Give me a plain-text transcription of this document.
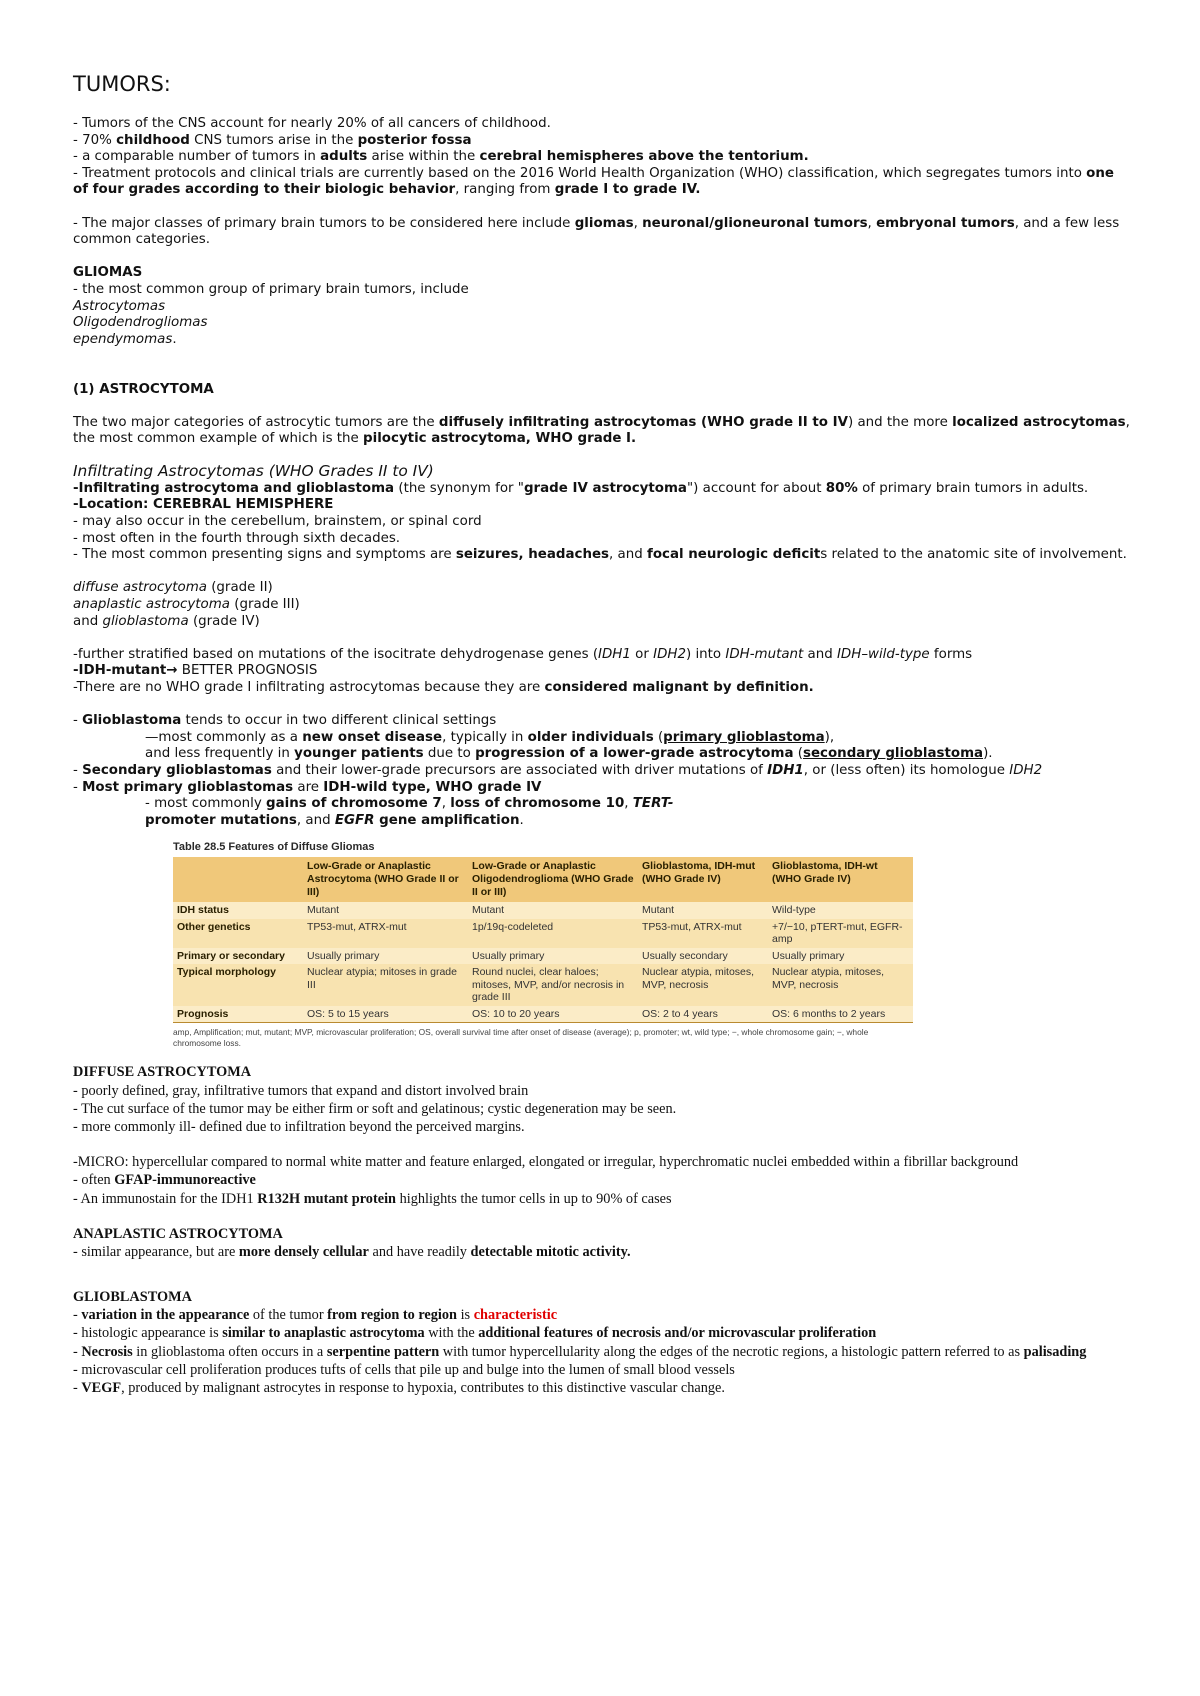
TUMORS:

- Tumors of the CNS account for nearly 20% of all cancers of childhood.

- 70% childhood CNS tumors arise in the posterior fossa

- a comparable number of tumors in adults arise within the cerebral hemispheres above the tentorium.

- Treatment protocols and clinical trials are currently based on the 2016 World Health Organization (WHO) classification, which segregates tumors into one of four grades according to their biologic behavior, ranging from grade I to grade IV.

- The major classes of primary brain tumors to be considered here include gliomas, neuronal/glioneuronal tumors, embryonal tumors, and a few less common categories.

GLIOMAS

- the most common group of primary brain tumors, include

Astrocytomas

Oligodendrogliomas

ependymomas.

(1) ASTROCYTOMA

The two major categories of astrocytic tumors are the diffusely infiltrating astrocytomas (WHO grade II to IV) and the more localized astrocytomas, the most common example of which is the pilocytic astrocytoma, WHO grade I.

Infiltrating Astrocytomas (WHO Grades II to IV)

-Infiltrating astrocytoma and glioblastoma (the synonym for "grade IV astrocytoma") account for about 80% of primary brain tumors in adults.

-Location: CEREBRAL HEMISPHERE

- may also occur in the cerebellum, brainstem, or spinal cord

- most often in the fourth through sixth decades.

- The most common presenting signs and symptoms are seizures, headaches, and focal neurologic deficits related to the anatomic site of involvement.

diffuse astrocytoma (grade II)

anaplastic astrocytoma (grade III)

and glioblastoma (grade IV)

-further stratified based on mutations of the isocitrate dehydrogenase genes (IDH1 or IDH2) into IDH-mutant and IDH–wild-type forms

-IDH-mutant→ BETTER PROGNOSIS

-There are no WHO grade I infiltrating astrocytomas because they are considered malignant by definition.

- Glioblastoma tends to occur in two different clinical settings

—most commonly as a new onset disease, typically in older individuals (primary glioblastoma),

and less frequently in younger patients due to progression of a lower-grade astrocytoma (secondary glioblastoma).

- Secondary glioblastomas and their lower-grade precursors are associated with driver mutations of IDH1, or (less often) its homologue IDH2

- Most primary glioblastomas are IDH-wild type, WHO grade IV

- most commonly gains of chromosome 7, loss of chromosome 10, TERT-

promoter mutations, and EGFR gene amplification.

Table 28.5 Features of Diffuse Gliomas
	Low-Grade or Anaplastic Astrocytoma (WHO Grade II or III)	Low-Grade or Anaplastic Oligodendroglioma (WHO Grade II or III)	Glioblastoma, IDH-mut (WHO Grade IV)	Glioblastoma, IDH-wt (WHO Grade IV)
IDH status	Mutant	Mutant	Mutant	Wild-type
Other genetics	TP53-mut, ATRX-mut	1p/19q-codeleted	TP53-mut, ATRX-mut	+7/−10, pTERT-mut, EGFR-amp
Primary or secondary	Usually primary	Usually primary	Usually secondary	Usually primary
Typical morphology	Nuclear atypia; mitoses in grade III	Round nuclei, clear haloes; mitoses, MVP, and/or necrosis in grade III	Nuclear atypia, mitoses, MVP, necrosis	Nuclear atypia, mitoses, MVP, necrosis
Prognosis	OS: 5 to 15 years	OS: 10 to 20 years	OS: 2 to 4 years	OS: 6 months to 2 years
amp, Amplification; mut, mutant; MVP, microvascular proliferation; OS, overall survival time after onset of disease (average); p, promoter; wt, wild type; −, whole chromosome gain; −, whole chromosome loss.

DIFFUSE ASTROCYTOMA

- poorly defined, gray, infiltrative tumors that expand and distort involved brain

- The cut surface of the tumor may be either firm or soft and gelatinous; cystic degeneration may be seen.

- more commonly ill- defined due to infiltration beyond the perceived margins.

-MICRO: hypercellular compared to normal white matter and feature enlarged, elongated or irregular, hyperchromatic nuclei embedded within a fibrillar background

- often GFAP-immunoreactive

- An immunostain for the IDH1 R132H mutant protein highlights the tumor cells in up to 90% of cases

ANAPLASTIC ASTROCYTOMA

- similar appearance, but are more densely cellular and have readily detectable mitotic activity.

GLIOBLASTOMA

- variation in the appearance of the tumor from region to region is characteristic

- histologic appearance is similar to anaplastic astrocytoma with the additional features of necrosis and/or microvascular proliferation

- Necrosis in glioblastoma often occurs in a serpentine pattern with tumor hypercellularity along the edges of the necrotic regions, a histologic pattern referred to as palisading

- microvascular cell proliferation produces tufts of cells that pile up and bulge into the lumen of small blood vessels

- VEGF, produced by malignant astrocytes in response to hypoxia, contributes to this distinctive vascular change.
